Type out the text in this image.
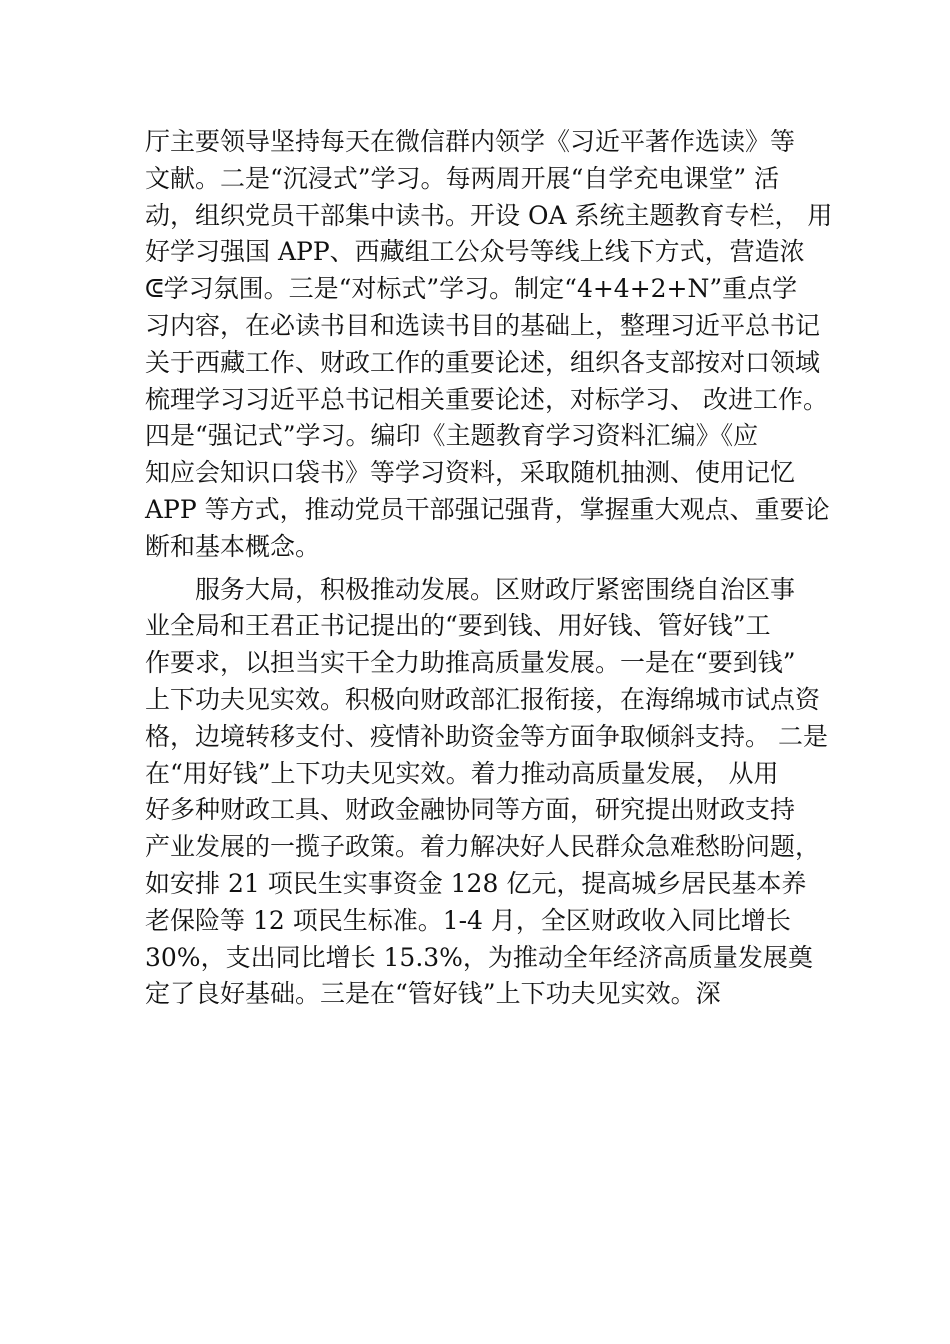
厅主要领导坚持每天在微信群内领学《习近平著作选读》等
文献。二是“沉浸式”学习。每两周开展“自学充电课堂” 活
动，组织党员干部集中读书。开设 OA 系统主题教育专栏， 用
好学习强国 APP、西藏组工公众号等线上线下方式，营造浓
ᕳ学习氛围。三是“对标式”学习。制定“4+4+2+N”重点学
习内容，在必读书目和选读书目的基础上，整理习近平总书记
关于西藏工作、财政工作的重要论述，组织各支部按对口领域
梳理学习习近平总书记相关重要论述，对标学习、 改进工作。
四是“强记式”学习。编印《主题教育学习资料汇编》《应
知应会知识口袋书》等学习资料，采取随机抽测、使用记忆
APP 等方式，推动党员干部强记强背，掌握重大观点、重要论
断和基本概念。
服务大局，积极推动发展。区财政厅紧密围绕自治区事
业全局和王君正书记提出的“要到钱、用好钱、管好钱”工
作要求，以担当实干全力助推高质量发展。一是在“要到钱”
上下功夫见实效。积极向财政部汇报衔接，在海绵城市试点资
格，边境转移支付、疫情补助资金等方面争取倾斜支持。 二是
在“用好钱”上下功夫见实效。着力推动高质量发展， 从用
好多种财政工具、财政金融协同等方面，研究提出财政支持
产业发展的一揽子政策。着力解决好人民群众急难愁盼问题，
如安排 21 项民生实事资金 128 亿元，提高城乡居民基本养
老保险等 12 项民生标准。1-4 月，全区财政收入同比增长
30%，支出同比增长 15.3%，为推动全年经济高质量发展奠
定了良好基础。三是在“管好钱”上下功夫见实效。深
